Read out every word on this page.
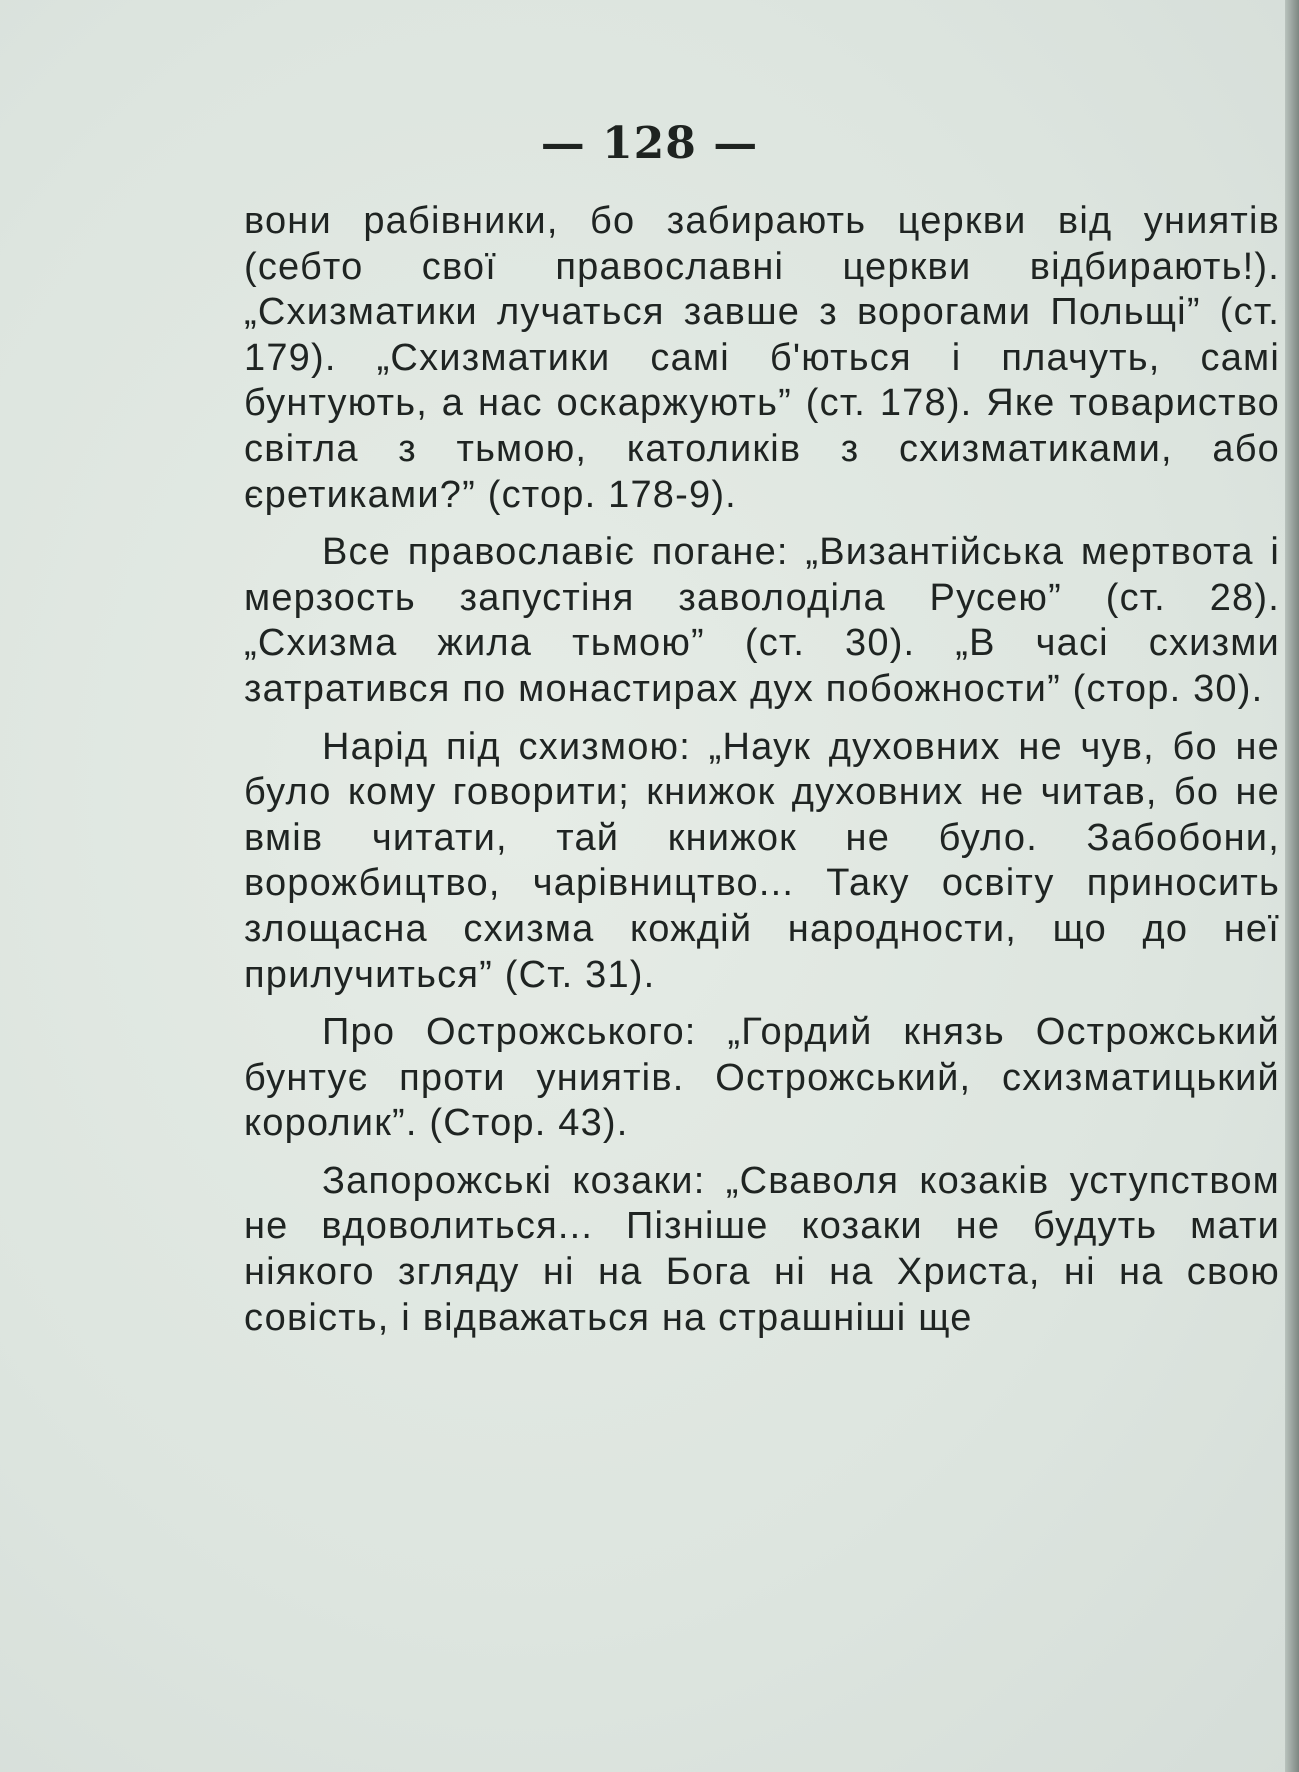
— 128 —

вони рабівники, бо забирають церкви від униятів (себто свої православні церкви відбирають!). „Схизматики лучаться завше з ворогами Польщі” (ст. 179). „Схизматики самі б'ються і плачуть, самі бунтують, а нас оскаржують” (ст. 178). Яке товариство світла з тьмою, католиків з схизматиками, або єретиками?” (стор. 178-9).

Все православіє погане: „Византійська мертвота і мерзость запустіня заволоділа Русею” (ст. 28). „Схизма жила тьмою” (ст. 30). „В часі схизми затратився по монастирах дух побожности” (стор. 30).

Нарід під схизмою: „Наук духовних не чув, бо не було кому говорити; книжок духовних не читав, бо не вмів читати, тай книжок не було. Забобони, ворожбицтво, чарівництво... Таку освіту приносить злощасна схизма кождій народности, що до неї прилучиться” (Ст. 31).

Про Острожського: „Гордий князь Острожський бунтує проти униятів. Острожський, схизматицький королик”. (Стор. 43).

Запорожські козаки: „Сваволя козаків уступством не вдоволиться... Пізніше козаки не будуть мати ніякого згляду ні на Бога ні на Христа, ні на свою совість, і відважаться на страшніші ще
